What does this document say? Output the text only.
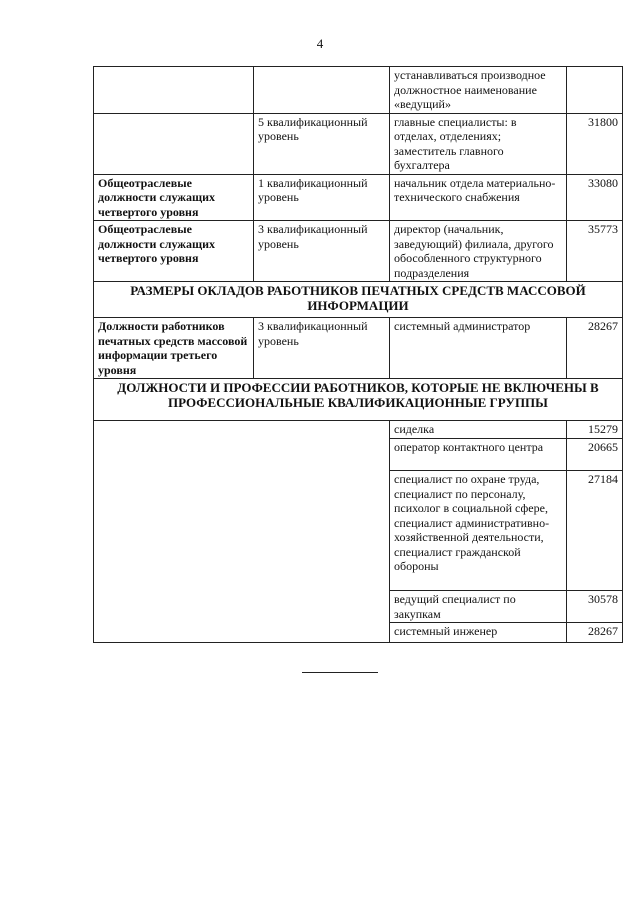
4
		устанавливаться производное должностное наименование «ведущий»	
	5 квалификационный уровень	главные специалисты: в отделах, отделениях; заместитель главного бухгалтера	31800
Общеотраслевые должности служащих четвертого уровня	1 квалификационный уровень	начальник отдела материально-технического снабжения	33080
Общеотраслевые должности служащих четвертого уровня	3 квалификационный уровень	директор (начальник, заведующий) филиала, другого обособленного структурного подразделения	35773
РАЗМЕРЫ ОКЛАДОВ РАБОТНИКОВ ПЕЧАТНЫХ СРЕДСТВ МАССОВОЙ ИНФОРМАЦИИ			
Должности работников печатных средств массовой информации третьего уровня	3 квалификационный уровень	системный администратор	28267
ДОЛЖНОСТИ И ПРОФЕССИИ РАБОТНИКОВ, КОТОРЫЕ НЕ ВКЛЮЧЕНЫ В ПРОФЕССИОНАЛЬНЫЕ КВАЛИФИКАЦИОННЫЕ ГРУППЫ			
		сиделка	15279
		оператор контактного центра	20665
		специалист по охране труда, специалист по персоналу, психолог в социальной сфере, специалист административно-хозяйственной деятельности, специалист гражданской обороны	27184
		ведущий специалист по закупкам	30578
		системный инженер	28267
